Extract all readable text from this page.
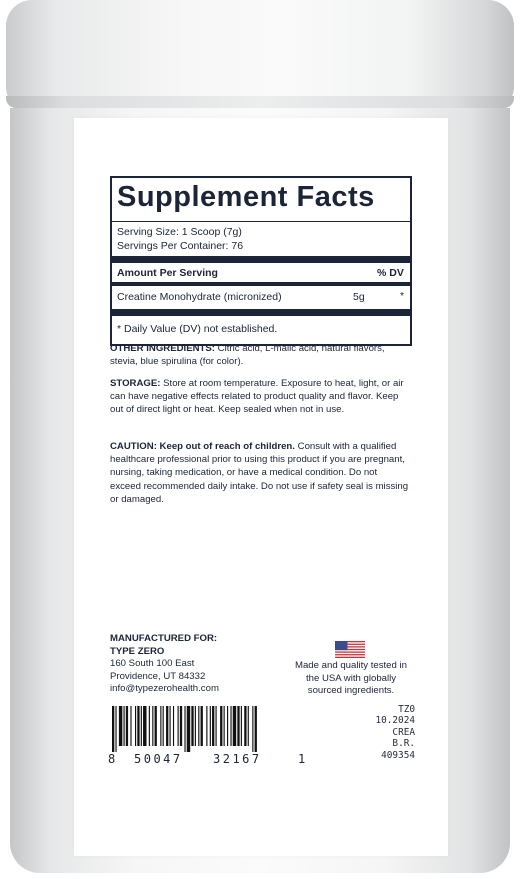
Supplement Facts
Serving Size: 1 Scoop (7g)
Servings Per Container: 76
Amount Per Serving	% DV
Creatine Monohydrate (micronized)	5g	*
* Daily Value (DV) not established.
OTHER INGREDIENTS: Citric acid, L-malic acid, natural flavors, stevia, blue spirulina (for color).
STORAGE: Store at room temperature. Exposure to heat, light, or air can have negative effects related to product quality and flavor. Keep out of direct light or heat. Keep sealed when not in use.
CAUTION: Keep out of reach of children. Consult with a qualified healthcare professional prior to using this product if you are pregnant, nursing, taking medication, or have a medical condition. Do not exceed recommended daily intake. Do not use if safety seal is missing or damaged.
MANUFACTURED FOR:
TYPE ZERO
160 South 100 East
Providence, UT 84332
info@typezerohealth.com
Made and quality tested in
the USA with globally
sourced ingredients.
8 50047	32167	1
TZ0
10.2024
CREA
B.R.
409354
